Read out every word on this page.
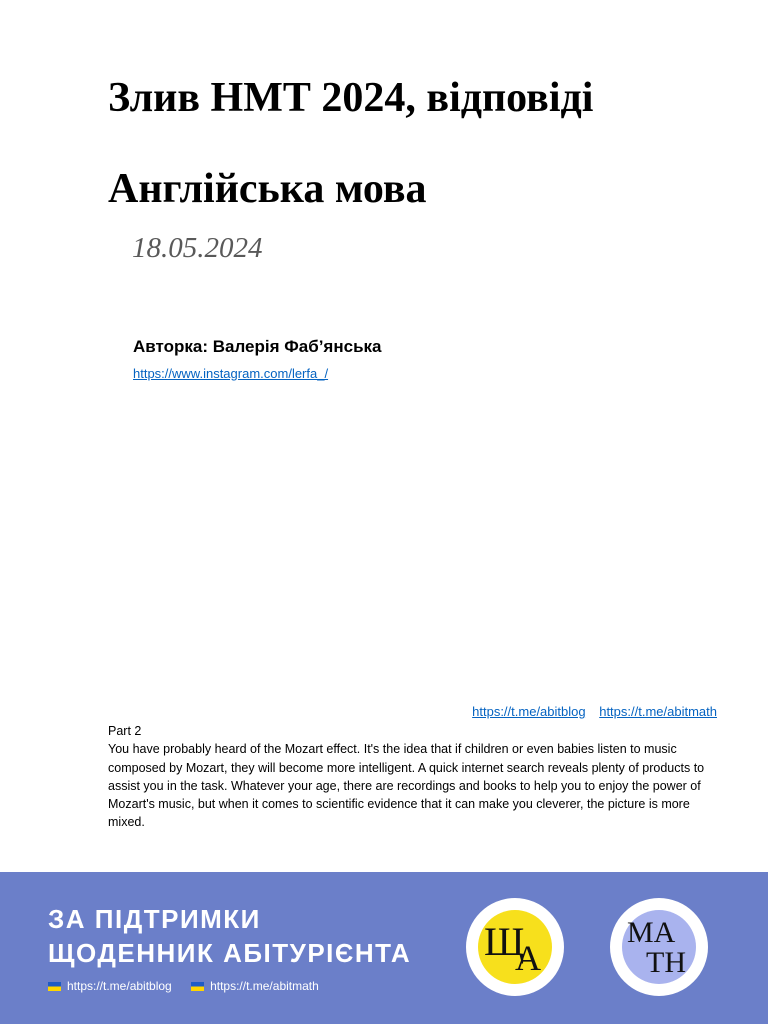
Злив НМТ 2024, відповіді
Англійська мова

18.05.2024

Авторка: Валерія Фаб’янська

https://www.instagram.com/lerfa_/
https://t.me/abitblog https://t.me/abitmath

Part 2

You have probably heard of the Mozart effect. It's the idea that if children or even babies listen to music composed by Mozart, they will become more intelligent. A quick internet search reveals plenty of products to assist you in the task. Whatever your age, there are recordings and books to help you to enjoy the power of Mozart's music, but when it comes to scientific evidence that it can make you cleverer, the picture is more mixed.

ЗА ПІДТРИМКИ

ЩОДЕННИК АБІТУРІЄНТА

https://t.me/abitblog
	https://t.me/abitmath
Щ
А
МА
ТН
